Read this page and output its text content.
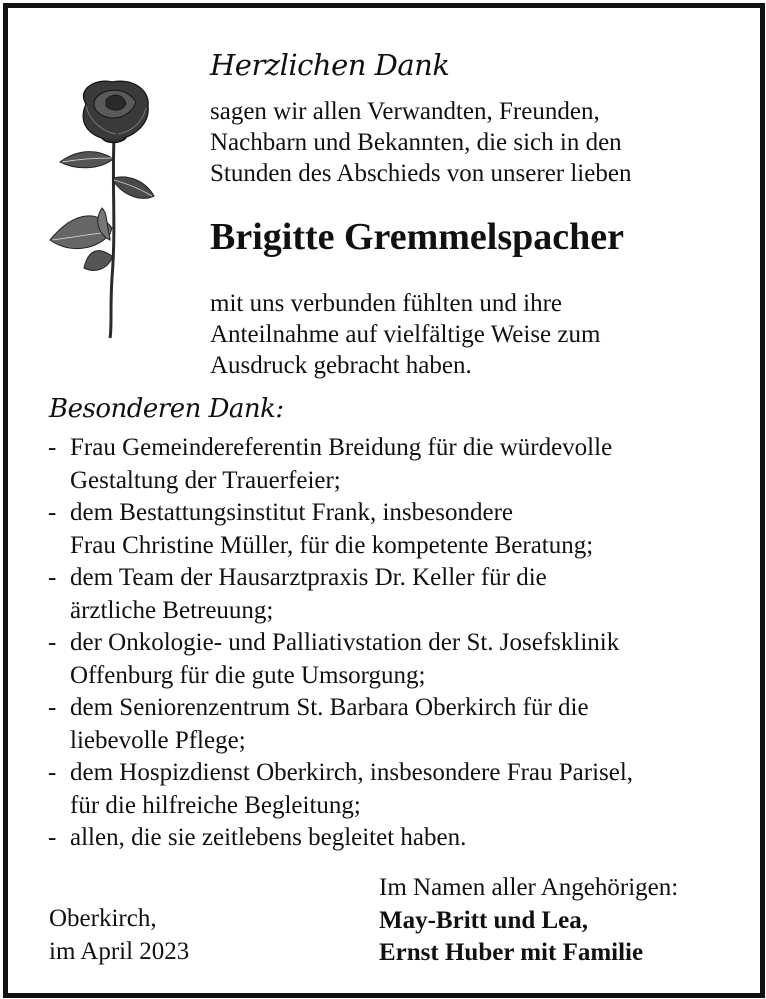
Herzlichen Dank
sagen wir allen Verwandten, Freunden,
Nachbarn und Bekannten, die sich in den
Stunden des Abschieds von unserer lieben
Brigitte Gremmelspacher
mit uns verbunden fühlten und ihre
Anteilnahme auf vielfältige Weise zum
Ausdruck gebracht haben.
Besonderen Dank:
- Frau Gemeindereferentin Breidung für die würdevolle
Gestaltung der Trauerfeier;
- dem Bestattungsinstitut Frank, insbesondere
Frau Christine Müller, für die kompetente Beratung;
- dem Team der Hausarztpraxis Dr. Keller für die
ärztliche Betreuung;
- der Onkologie- und Palliativstation der St. Josefsklinik
Offenburg für die gute Umsorgung;
- dem Seniorenzentrum St. Barbara Oberkirch für die
liebevolle Pflege;
- dem Hospizdienst Oberkirch, insbesondere Frau Parisel,
für die hilfreiche Begleitung;
- allen, die sie zeitlebens begleitet haben.
Oberkirch,
im April 2023
Im Namen aller Angehörigen:
May-Britt und Lea,
Ernst Huber mit Familie
